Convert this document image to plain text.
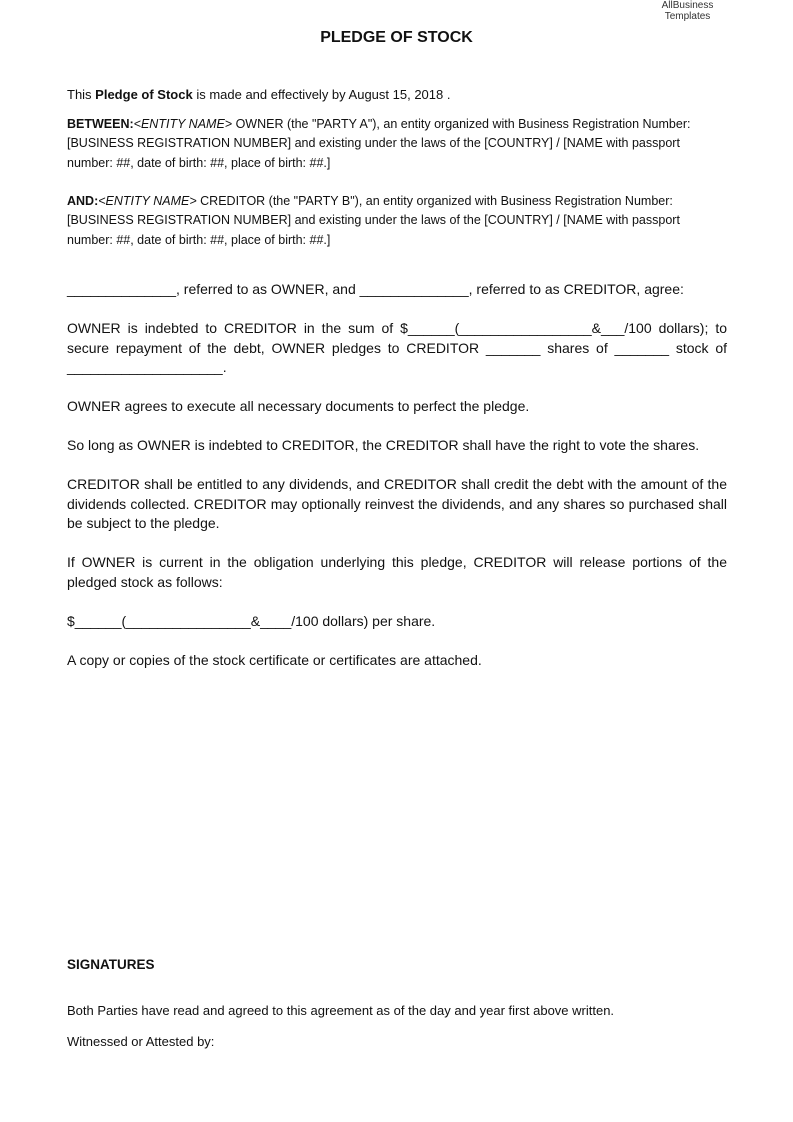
AllBusiness
Templates
PLEDGE OF STOCK
This Pledge of Stock is made and effectively by August 15, 2018 .
BETWEEN:<ENTITY NAME> OWNER (the "PARTY A"), an entity organized with Business Registration Number: [BUSINESS REGISTRATION NUMBER] and existing under the laws of the [COUNTRY] / [NAME with passport number: ##, date of birth: ##, place of birth: ##.]
AND:<ENTITY NAME> CREDITOR (the "PARTY B"), an entity organized with Business Registration Number: [BUSINESS REGISTRATION NUMBER] and existing under the laws of the [COUNTRY] / [NAME with passport number: ##, date of birth: ##, place of birth: ##.]

______________, referred to as OWNER, and ______________, referred to as CREDITOR, agree:

OWNER is indebted to CREDITOR in the sum of $______(_________________&___/100 dollars); to secure repayment of the debt, OWNER pledges to CREDITOR _______ shares of _______ stock of ____________________.

OWNER agrees to execute all necessary documents to perfect the pledge.

So long as OWNER is indebted to CREDITOR, the CREDITOR shall have the right to vote the shares.

CREDITOR shall be entitled to any dividends, and CREDITOR shall credit the debt with the amount of the dividends collected. CREDITOR may optionally reinvest the dividends, and any shares so purchased shall be subject to the pledge.

If OWNER is current in the obligation underlying this pledge, CREDITOR will release portions of the pledged stock as follows:

$______(________________&____/100 dollars) per share.

A copy or copies of the stock certificate or certificates are attached.

SIGNATURES
Both Parties have read and agreed to this agreement as of the day and year first above written.
Witnessed or Attested by:
